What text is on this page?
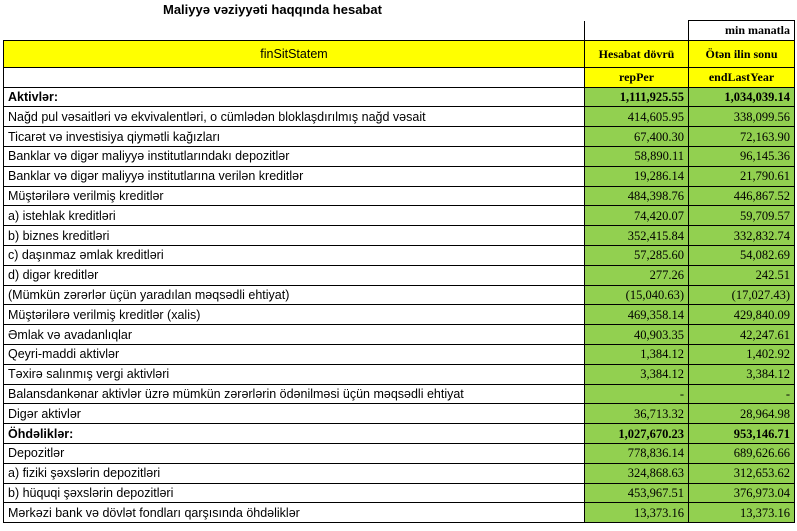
Maliyyə vəziyyəti haqqında hesabat
		min manatla
finSitStatem	Hesabat dövrü	Ötən ilin sonu
	repPer	endLastYear
Aktivlər:	1,111,925.55	1,034,039.14
Nağd pul vəsaitləri və ekvivalentləri, o cümlədən bloklaşdırılmış nağd vəsait	414,605.95	338,099.56
Ticarət və investisiya qiymətli kağızları	67,400.30	72,163.90
Banklar və digər maliyyə institutlarındakı depozitlər	58,890.11	96,145.36
Banklar və digər maliyyə institutlarına verilən kreditlər	19,286.14	21,790.61
Müştərilərə verilmiş kreditlər	484,398.76	446,867.52
a) istehlak kreditləri	74,420.07	59,709.57
b) biznes kreditləri	352,415.84	332,832.74
c) daşınmaz əmlak kreditləri	57,285.60	54,082.69
d) digər kreditlər	277.26	242.51
(Mümkün zərərlər üçün yaradılan məqsədli ehtiyat)	(15,040.63)	(17,027.43)
Müştərilərə verilmiş kreditlər (xalis)	469,358.14	429,840.09
Əmlak və avadanlıqlar	40,903.35	42,247.61
Qeyri-maddi aktivlər	1,384.12	1,402.92
Təxirə salınmış vergi aktivləri	3,384.12	3,384.12
Balansdankənar aktivlər üzrə mümkün zərərlərin ödənilməsi üçün məqsədli ehtiyat	-	-
Digər aktivlər	36,713.32	28,964.98
Öhdəliklər:	1,027,670.23	953,146.71
Depozitlər	778,836.14	689,626.66
a) fiziki şəxslərin depozitləri	324,868.63	312,653.62
b) hüquqi şəxslərin depozitləri	453,967.51	376,973.04
Mərkəzi bank və dövlət fondları qarşısında öhdəliklər	13,373.16	13,373.16
